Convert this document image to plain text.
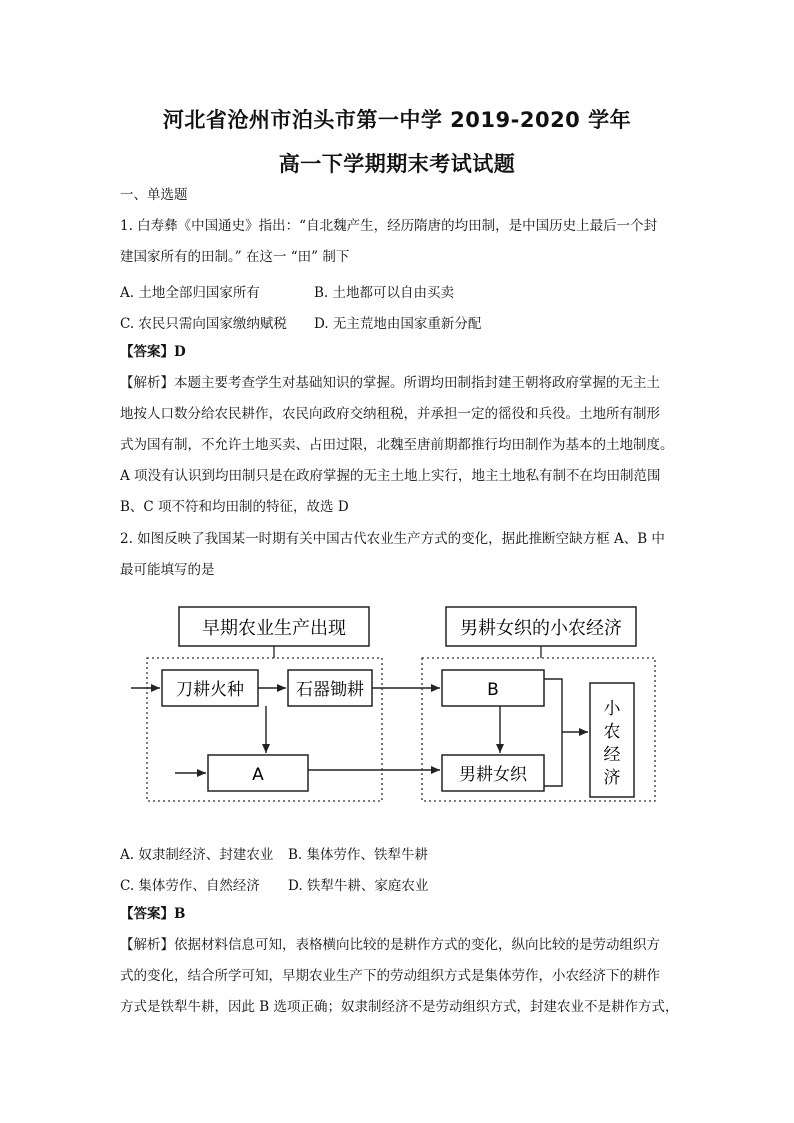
河北省沧州市泊头市第一中学 2019-2020 学年
高一下学期期末考试试题
一、单选题
1. 白寿彝《中国通史》指出：“自北魏产生，经历隋唐的均田制，是中国历史上最后一个封
建国家所有的田制。” 在这一 “田” 制下
A. 土地全部归国家所有	B. 土地都可以自由买卖
C. 农民只需向国家缴纳赋税 D. 无主荒地由国家重新分配
【答案】D
【解析】本题主要考查学生对基础知识的掌握。所谓均田制指封建王朝将政府掌握的无主土
地按人口数分给农民耕作，农民向政府交纳租税，并承担一定的徭役和兵役。土地所有制形
式为国有制，不允许土地买卖、占田过限，北魏至唐前期都推行均田制作为基本的土地制度。
A 项没有认识到均田制只是在政府掌握的无主土地上实行，地主土地私有制不在均田制范围
B、C 项不符和均田制的特征，故选 D
2. 如图反映了我国某一时期有关中国古代农业生产方式的变化，据此推断空缺方框 A、B 中
最可能填写的是
早期农业生产出现	男耕女织的小农经济
刀耕火种	石器锄耕
A
B
男耕女织
小农经济
A. 奴隶制经济、封建农业 B. 集体劳作、铁犁牛耕
C. 集体劳作、自然经济 D. 铁犁牛耕、家庭农业
【答案】B
【解析】依据材料信息可知，表格横向比较的是耕作方式的变化，纵向比较的是劳动组织方
式的变化，结合所学可知，早期农业生产下的劳动组织方式是集体劳作，小农经济下的耕作
方式是铁犁牛耕，因此 B 选项正确；奴隶制经济不是劳动组织方式，封建农业不是耕作方式，
